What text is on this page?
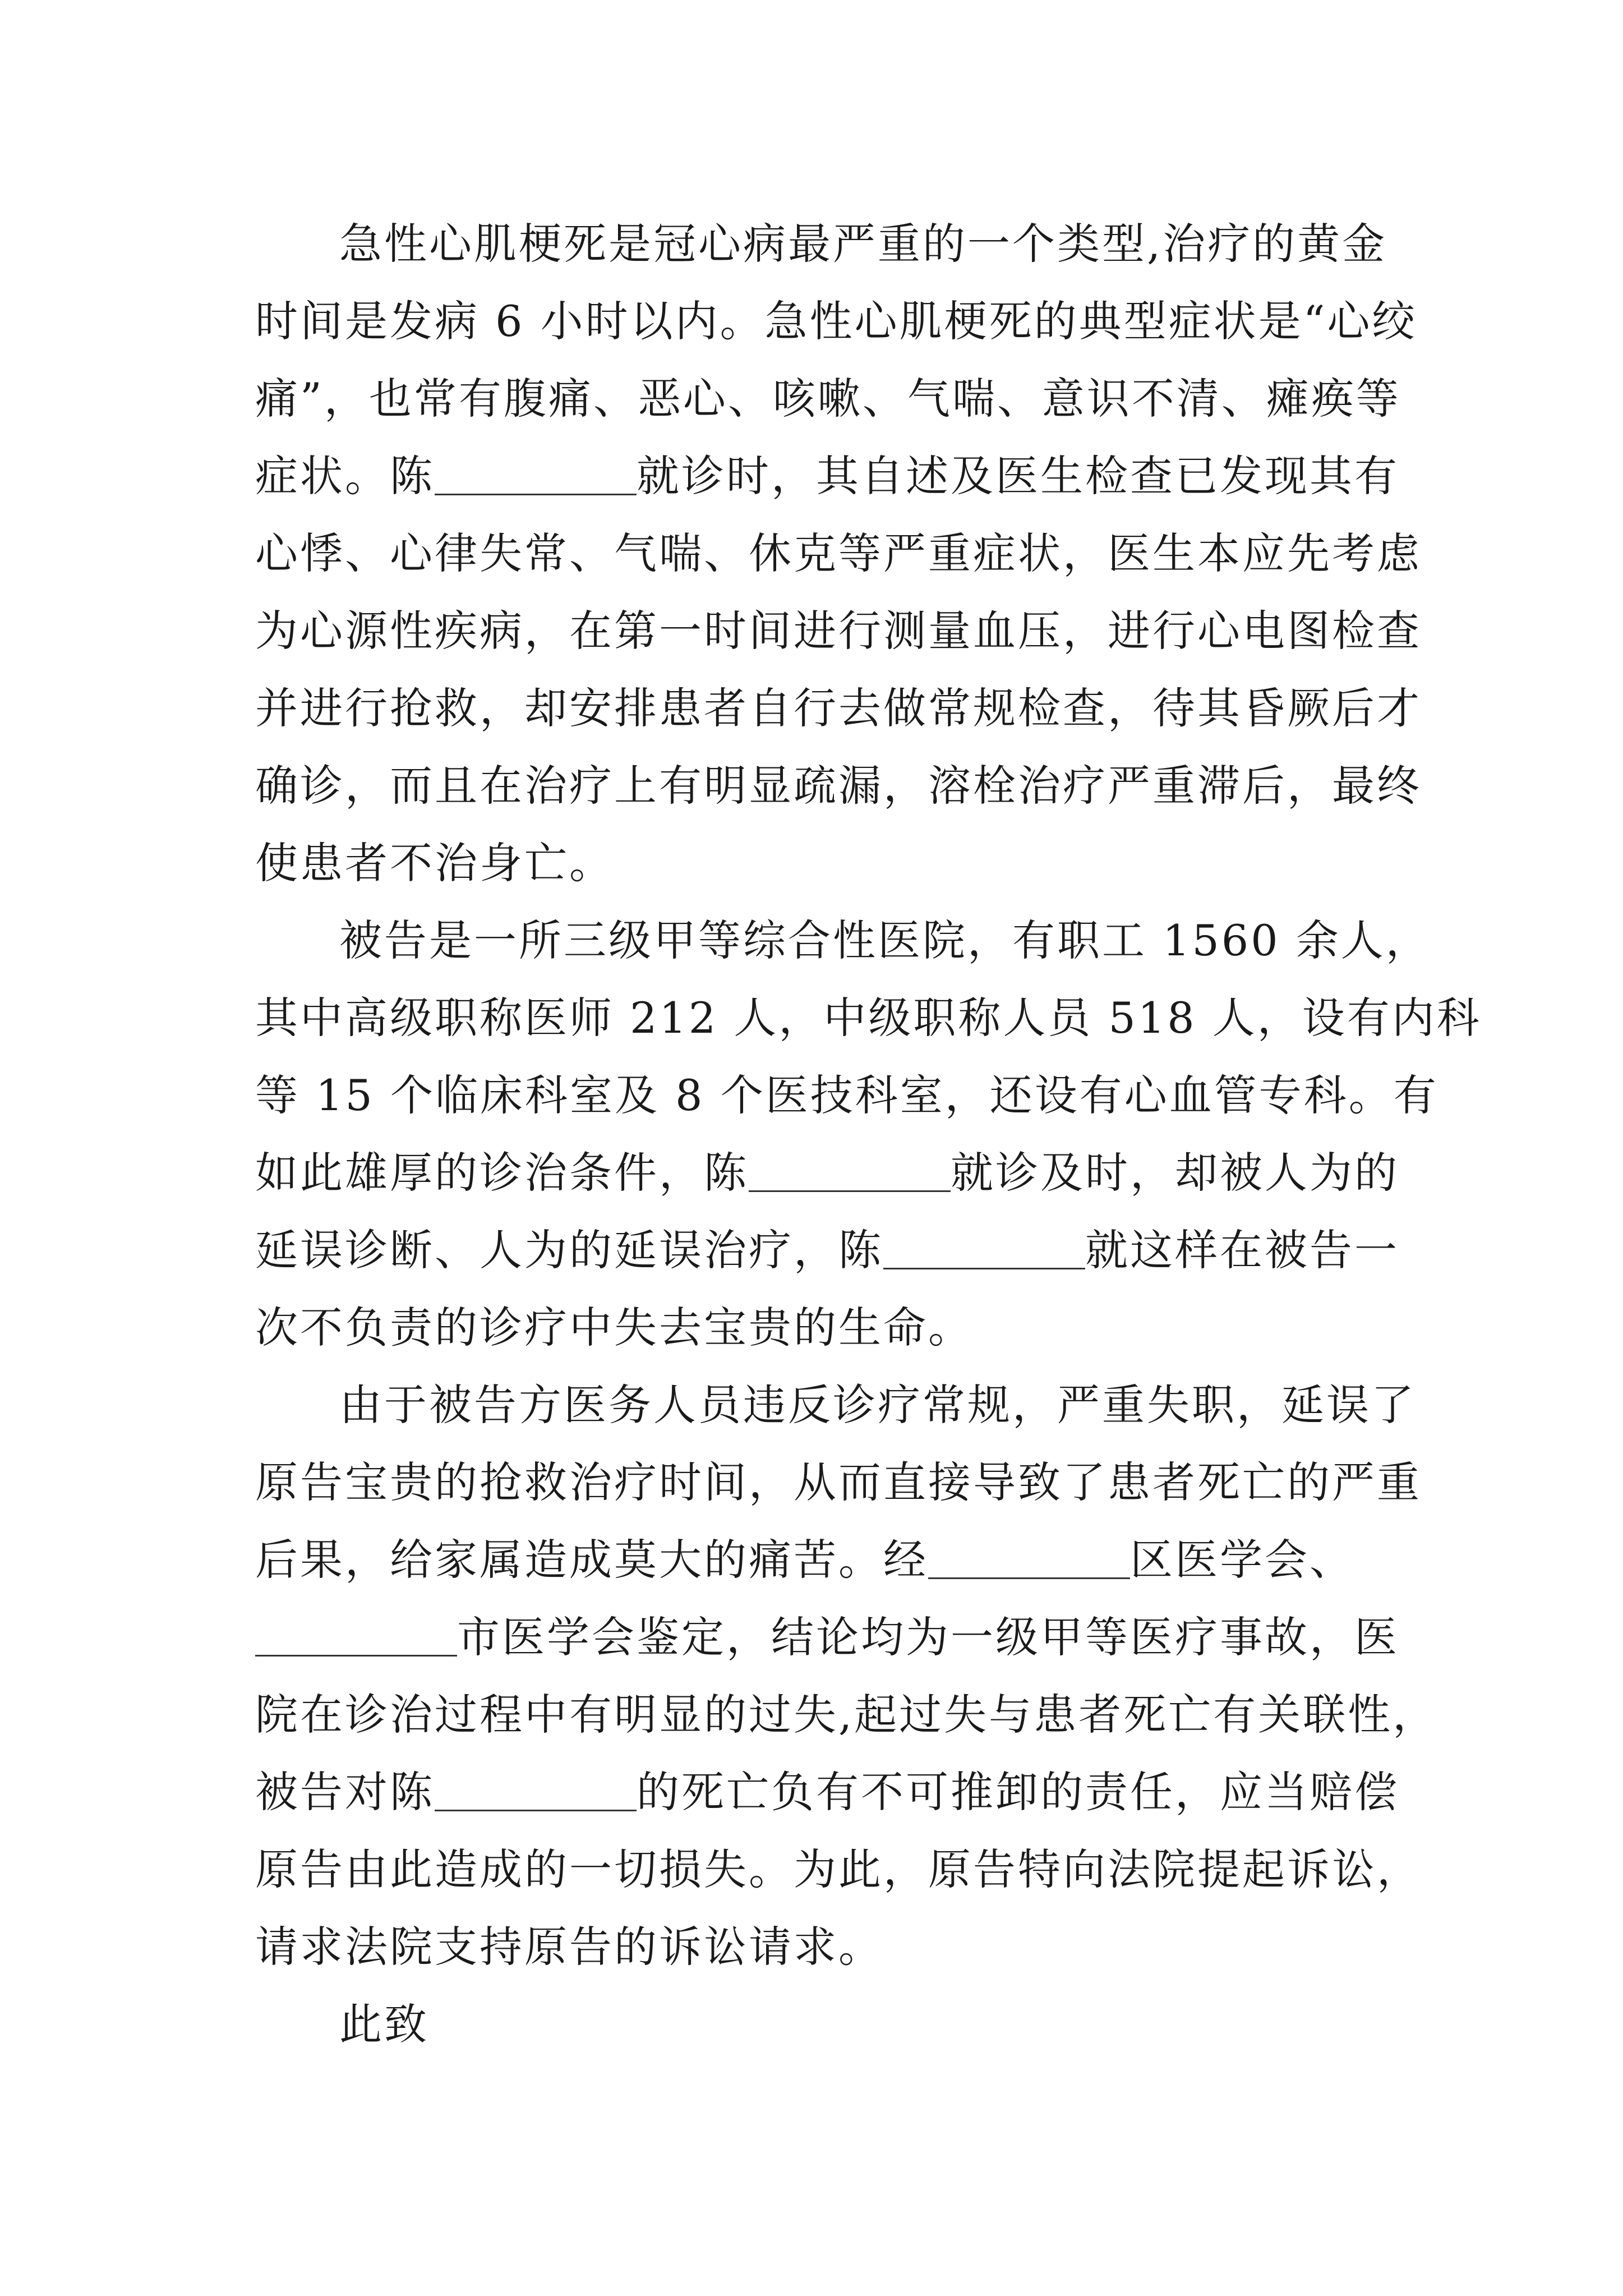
急性心肌梗死是冠心病最严重的一个类型,治疗的黄金
时间是发病 6 小时以内。急性心肌梗死的典型症状是“心绞
痛”，也常有腹痛、恶心、咳嗽、气喘、意识不清、瘫痪等
症状。陈	就诊时，其自述及医生检查已发现其有
心悸、心律失常、气喘、休克等严重症状，医生本应先考虑
为心源性疾病，在第一时间进行测量血压，进行心电图检查
并进行抢救，却安排患者自行去做常规检查，待其昏厥后才
确诊，而且在治疗上有明显疏漏，溶栓治疗严重滞后，最终
使患者不治身亡。
被告是一所三级甲等综合性医院，有职工 1560 余人，
其中高级职称医师 212 人，中级职称人员 518 人，设有内科
等 15 个临床科室及 8 个医技科室，还设有心血管专科。有
如此雄厚的诊治条件，陈	就诊及时，却被人为的
延误诊断、人为的延误治疗，陈	就这样在被告一
次不负责的诊疗中失去宝贵的生命。
由于被告方医务人员违反诊疗常规，严重失职，延误了
原告宝贵的抢救治疗时间，从而直接导致了患者死亡的严重
后果，给家属造成莫大的痛苦。经	区医学会、
市医学会鉴定，结论均为一级甲等医疗事故，医
院在诊治过程中有明显的过失,起过失与患者死亡有关联性，
被告对陈	的死亡负有不可推卸的责任，应当赔偿
原告由此造成的一切损失。为此，原告特向法院提起诉讼，
请求法院支持原告的诉讼请求。
此致
